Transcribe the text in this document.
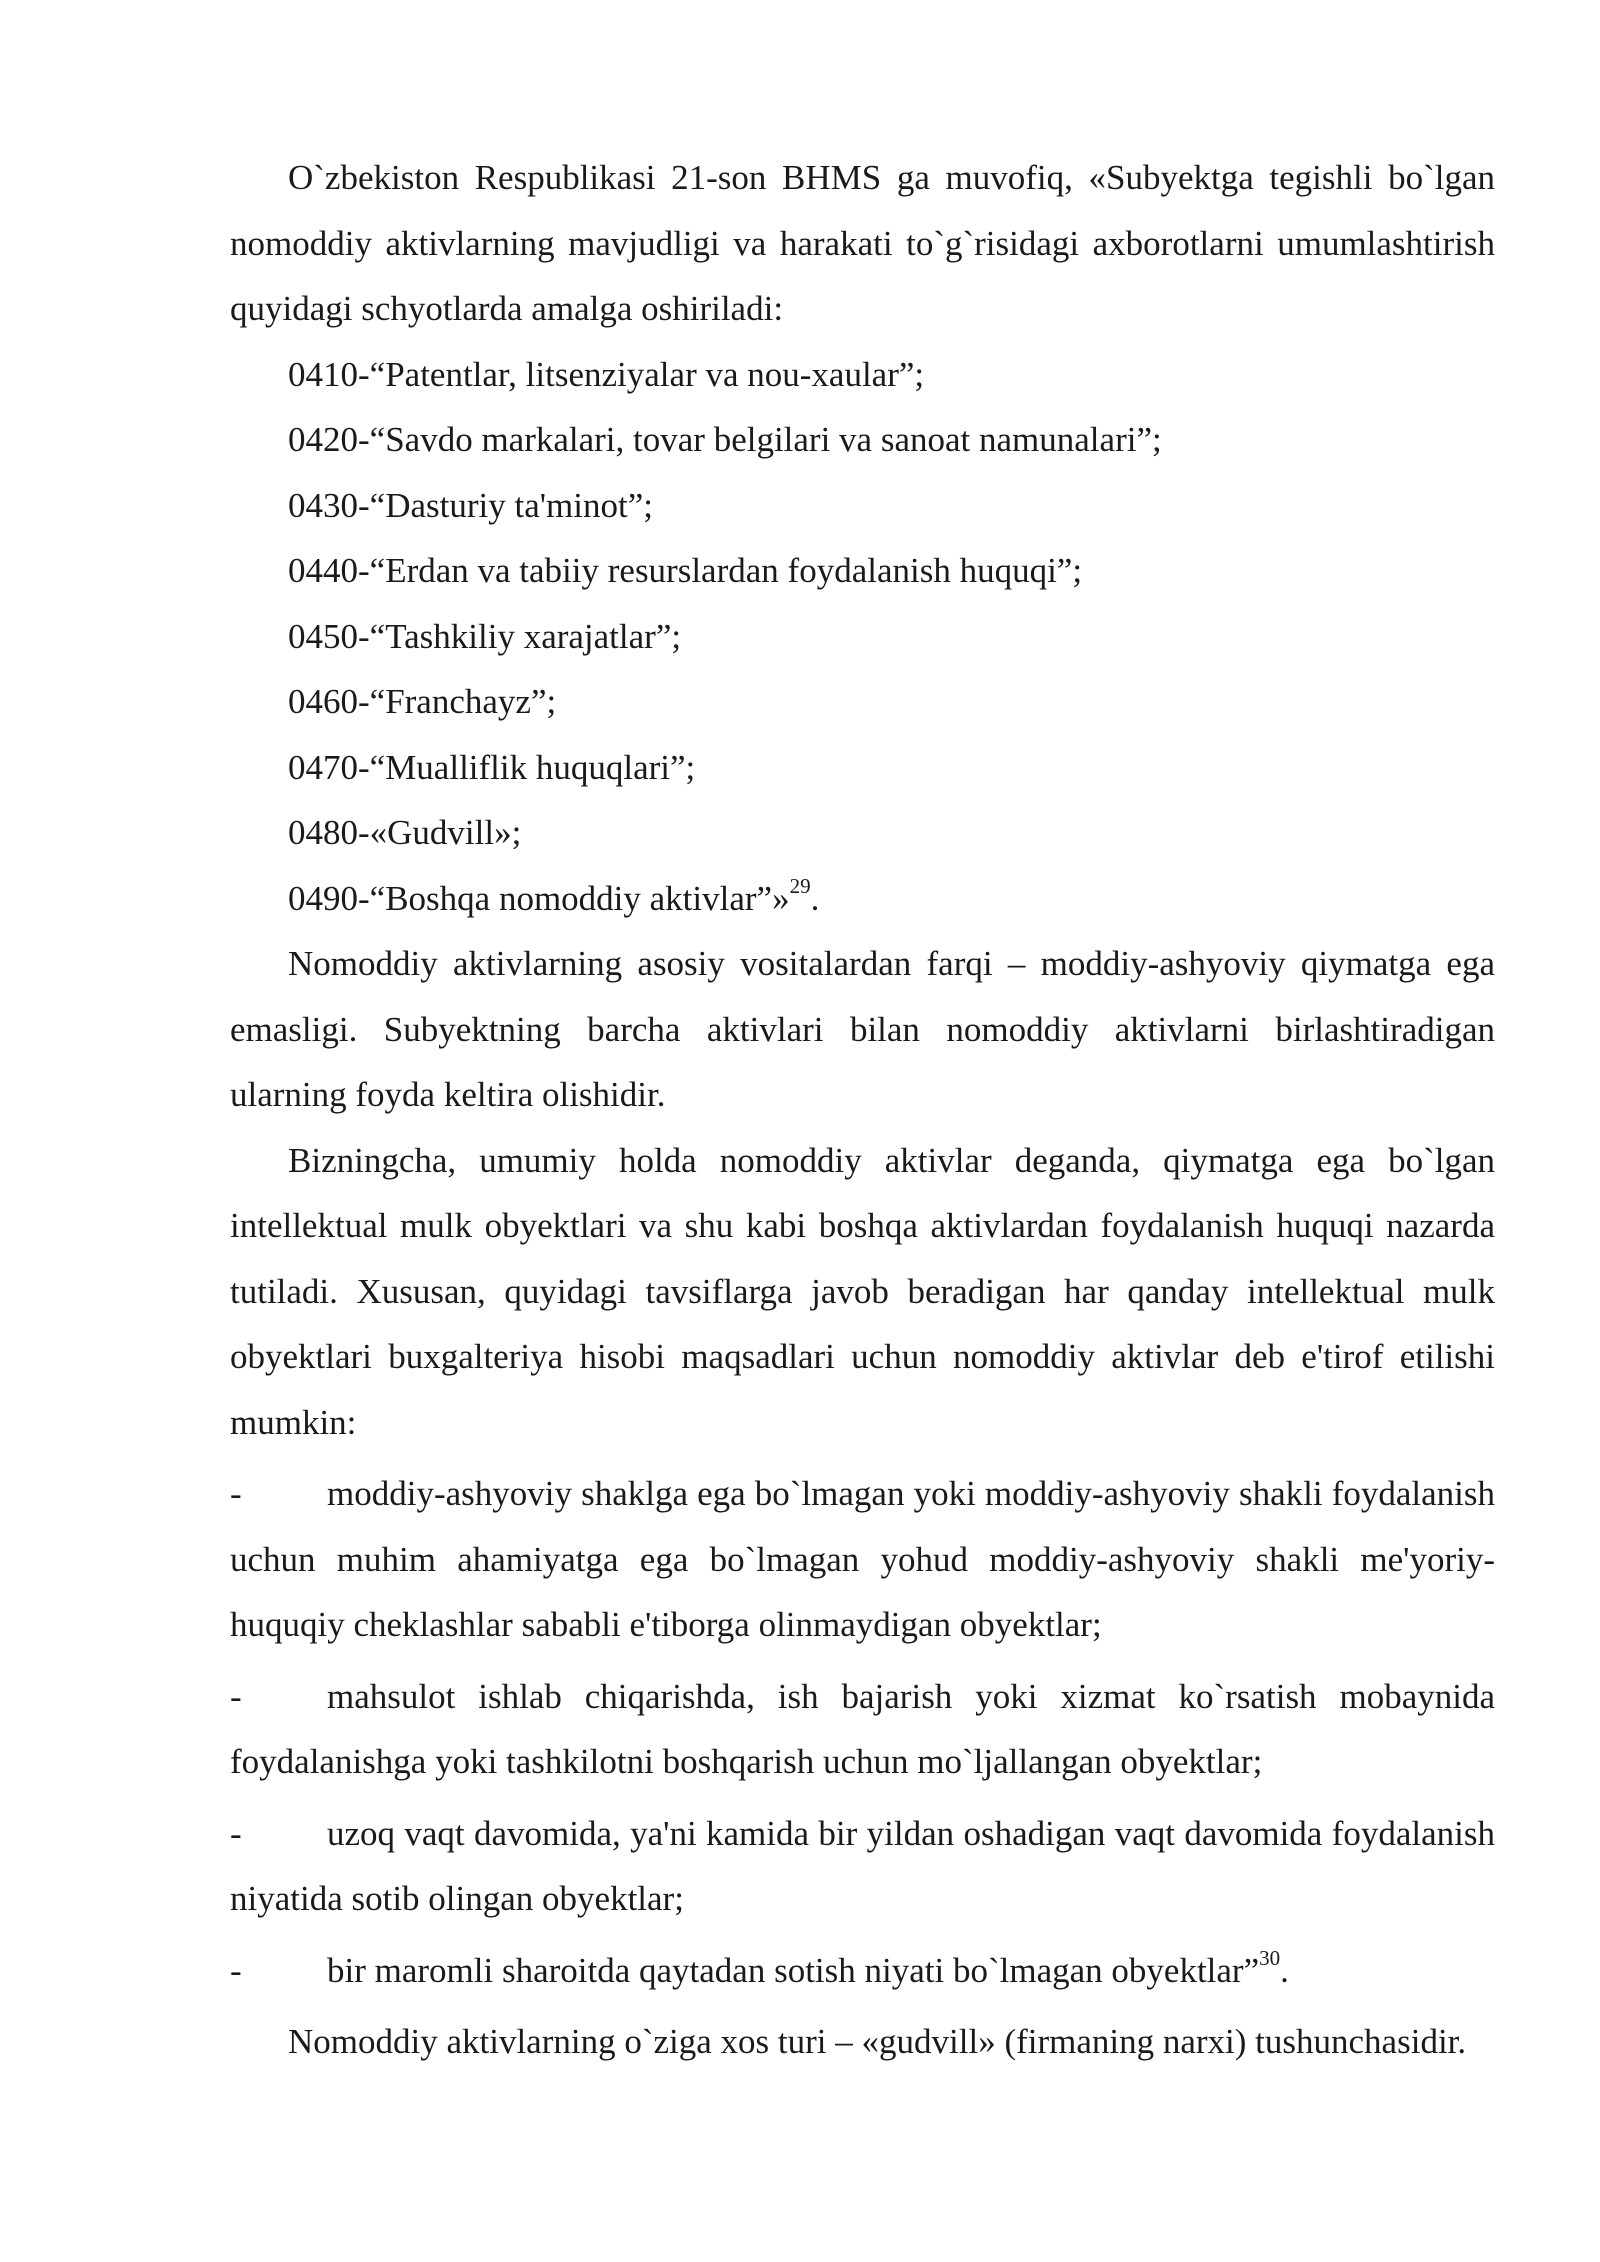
O`zbekiston Respublikasi 21-son BHMS ga muvofiq, «Subyektga tegishli bo`lgan nomoddiy aktivlarning mavjudligi va harakati to`g`risidagi axborotlarni umumlashtirish quyidagi schyotlarda amalga oshiriladi:

0410-“Patentlar, litsenziyalar va nou-xaular”;

0420-“Savdo markalari, tovar belgilari va sanoat namunalari”;

0430-“Dasturiy ta'minot”;

0440-“Erdan va tabiiy resurslardan foydalanish huquqi”;

0450-“Tashkiliy xarajatlar”;

0460-“Franchayz”;

0470-“Mualliflik huquqlari”;

0480-«Gudvill»;

0490-“Boshqa nomoddiy aktivlar”»$^{29}$.

Nomoddiy aktivlarning asosiy vositalardan farqi – moddiy-ashyoviy qiymatga ega emasligi. Subyektning barcha aktivlari bilan nomoddiy aktivlarni birlashtiradigan ularning foyda keltira olishidir.

Bizningcha, umumiy holda nomoddiy aktivlar deganda, qiymatga ega bo`lgan intellektual mulk obyektlari va shu kabi boshqa aktivlardan foydalanish huquqi nazarda tutiladi. Xususan, quyidagi tavsiflarga javob beradigan har qanday intellektual mulk obyektlari buxgalteriya hisobi maqsadlari uchun nomoddiy aktivlar deb e'tirof etilishi mumkin:

- moddiy-ashyoviy shaklga ega bo`lmagan yoki moddiy-ashyoviy shakli foydalanish uchun muhim ahamiyatga ega bo`lmagan yohud moddiy-ashyoviy shakli me'yoriy-huquqiy cheklashlar sababli e'tiborga olinmaydigan obyektlar;

- mahsulot ishlab chiqarishda, ish bajarish yoki xizmat ko`rsatish mobaynida foydalanishga yoki tashkilotni boshqarish uchun mo`ljallangan obyektlar;

- uzoq vaqt davomida, ya'ni kamida bir yildan oshadigan vaqt davomida foydalanish niyatida sotib olingan obyektlar;

- bir maromli sharoitda qaytadan sotish niyati bo`lmagan obyektlar”$^{30}$.

Nomoddiy aktivlarning o`ziga xos turi – «gudvill» (firmaning narxi) tushunchasidir.
